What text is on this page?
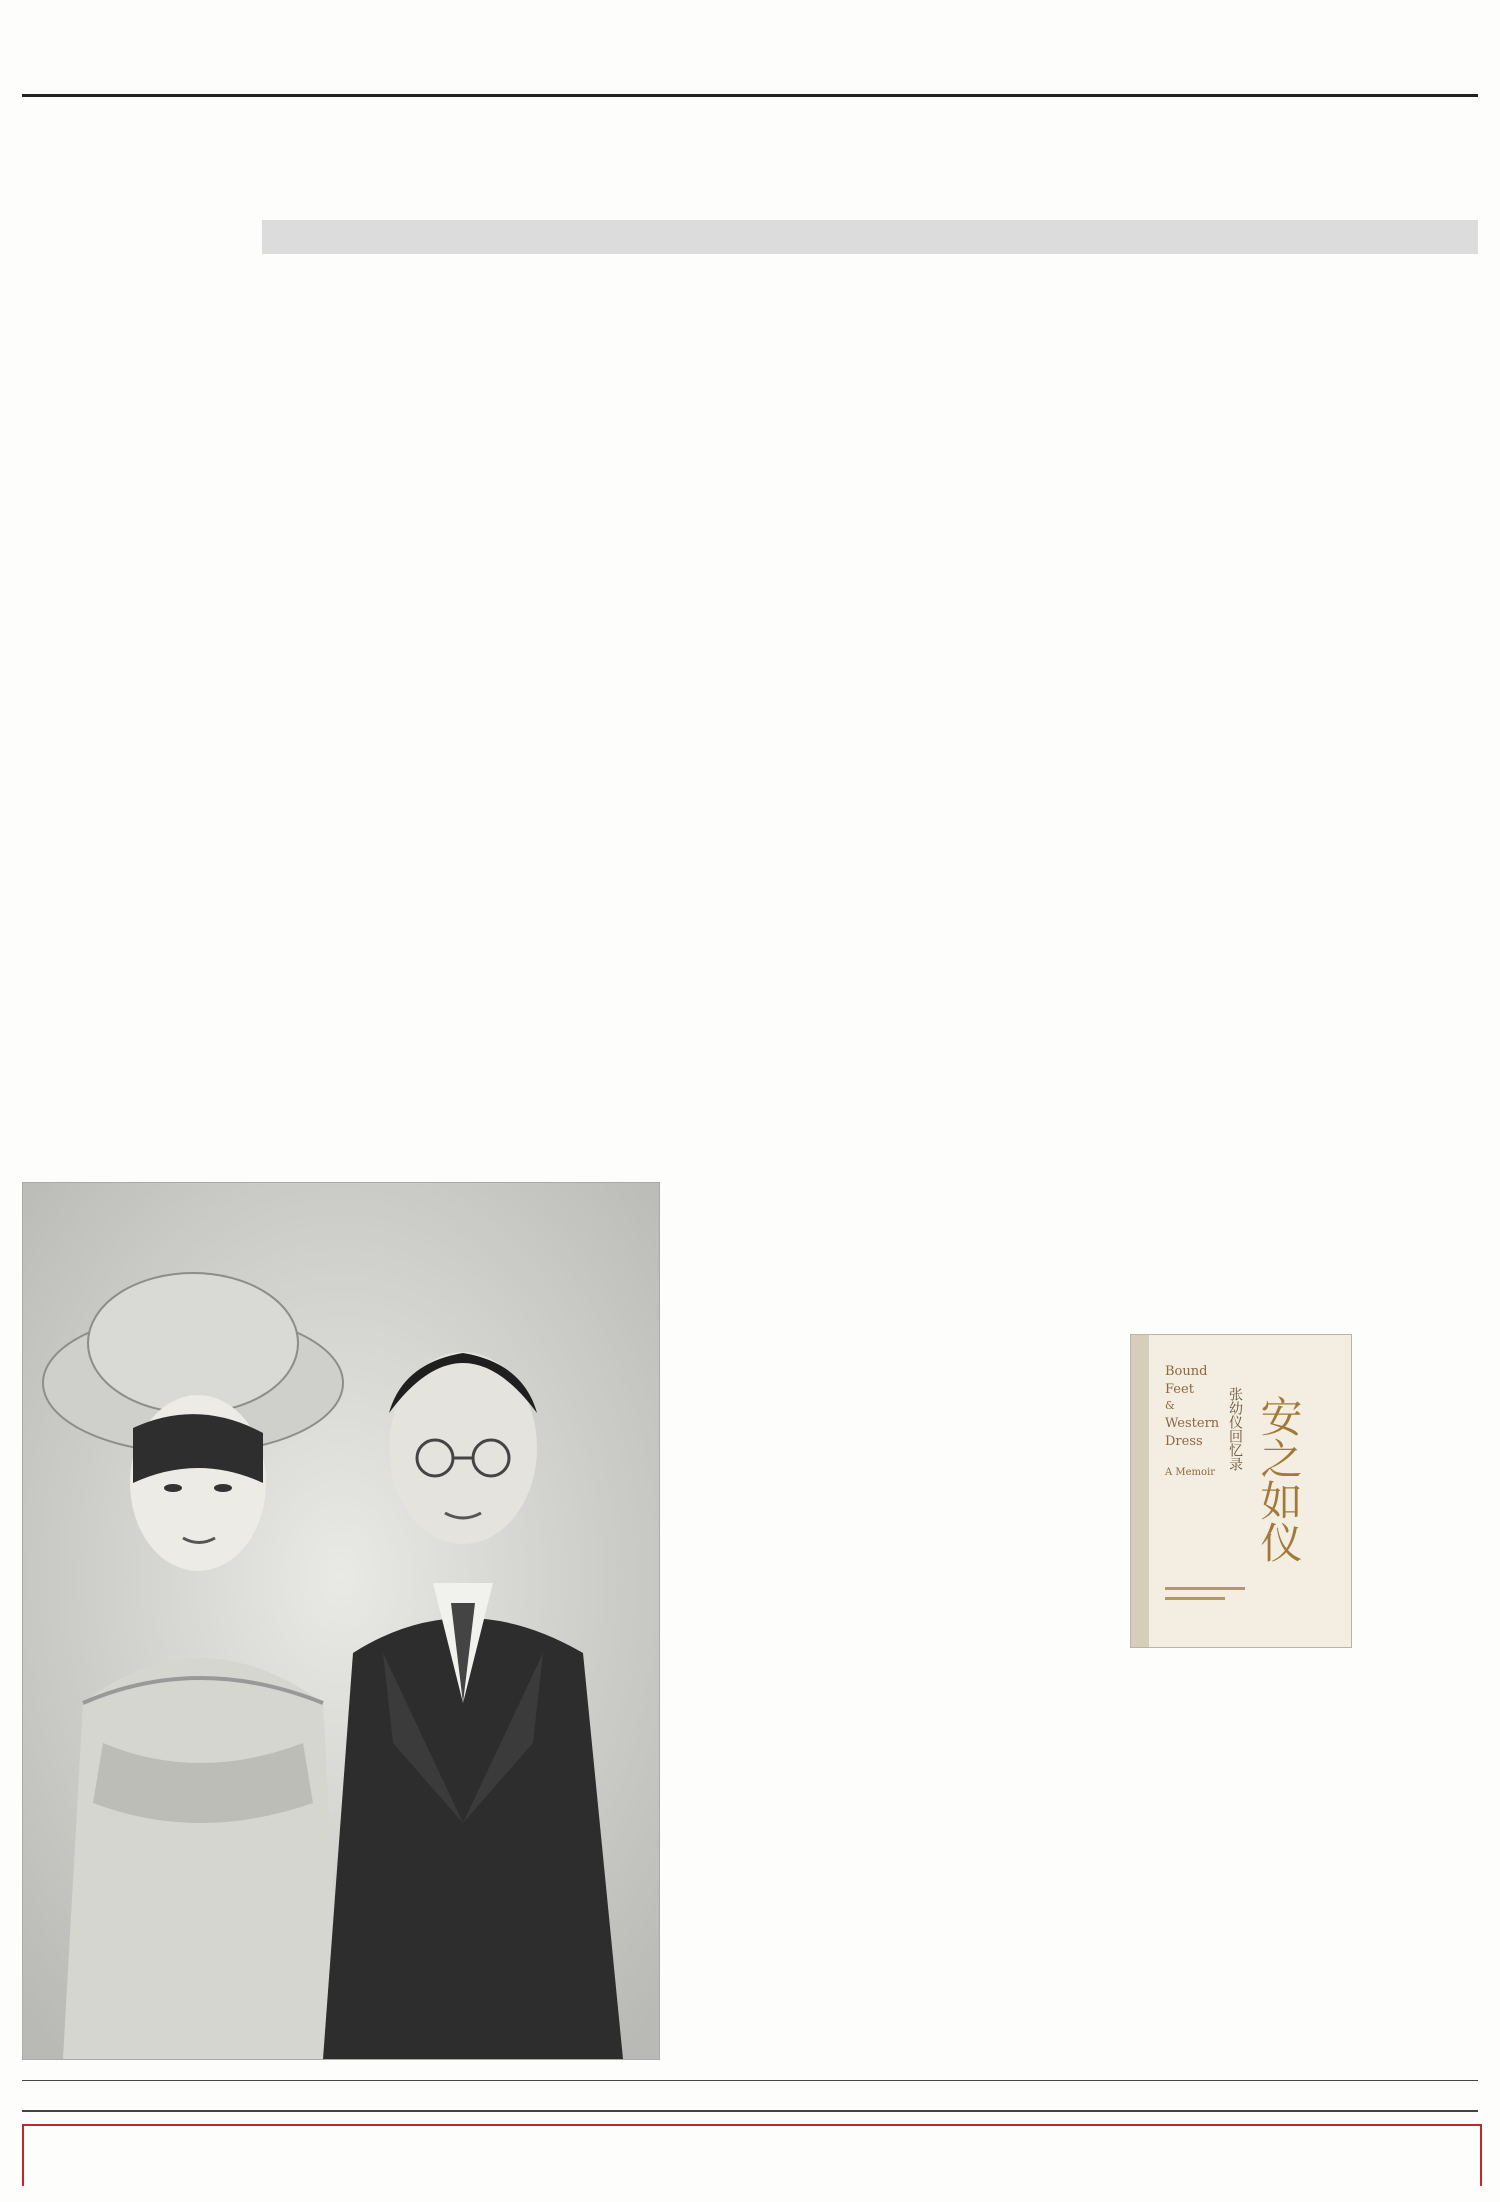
Bound
Feet
&
Western
Dress
A Memoir
张幼仪回忆录 安之如仪
